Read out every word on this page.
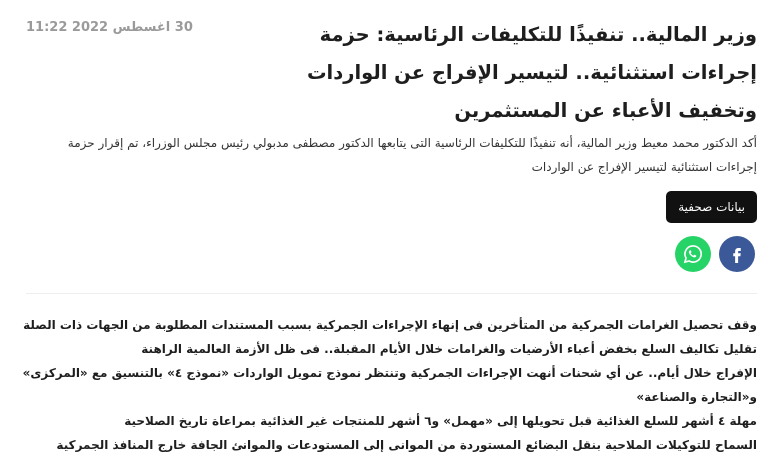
30 اغسطس 2022 11:22	وزير المالية.. تنفيذًا للتكليفات الرئاسية: حزمة إجراءات استثنائية.. لتيسير الإفراج عن الواردات وتخفيف الأعباء عن المستثمرين

أكد الدكتور محمد معيط وزير المالية، أنه تنفيذًا للتكليفات الرئاسية التى يتابعها الدكتور مصطفى مدبولي رئيس مجلس الوزراء، تم إقرار حزمة إجراءات استثنائية لتيسير الإفراج عن الواردات

بيانات صحفية
وقف تحصيل الغرامات الجمركية من المتأخرين فى إنهاء الإجراءات الجمركية بسبب المستندات المطلوبة من الجهات ذات الصلة
تقليل تكاليف السلع بخفض أعباء الأرضيات والغرامات خلال الأيام المقبلة.. فى ظل الأزمة العالمية الراهنة
الإفراج خلال أيام.. عن أي شحنات أنهت الإجراءات الجمركية وتنتظر نموذج تمويل الواردات «نموذج ٤» بالتنسيق مع «المركزى» و«التجارة والصناعة»
مهلة ٤ أشهر للسلع الغذائية قبل تحويلها إلى «مهمل» و٦ أشهر للمنتجات غير الغذائية بمراعاة تاريخ الصلاحية
السماح للتوكيلات الملاحية بنقل البضائع المستوردة من الموانى إلى المستودعات والموانئ الجافة خارج المنافذ الجمركية
